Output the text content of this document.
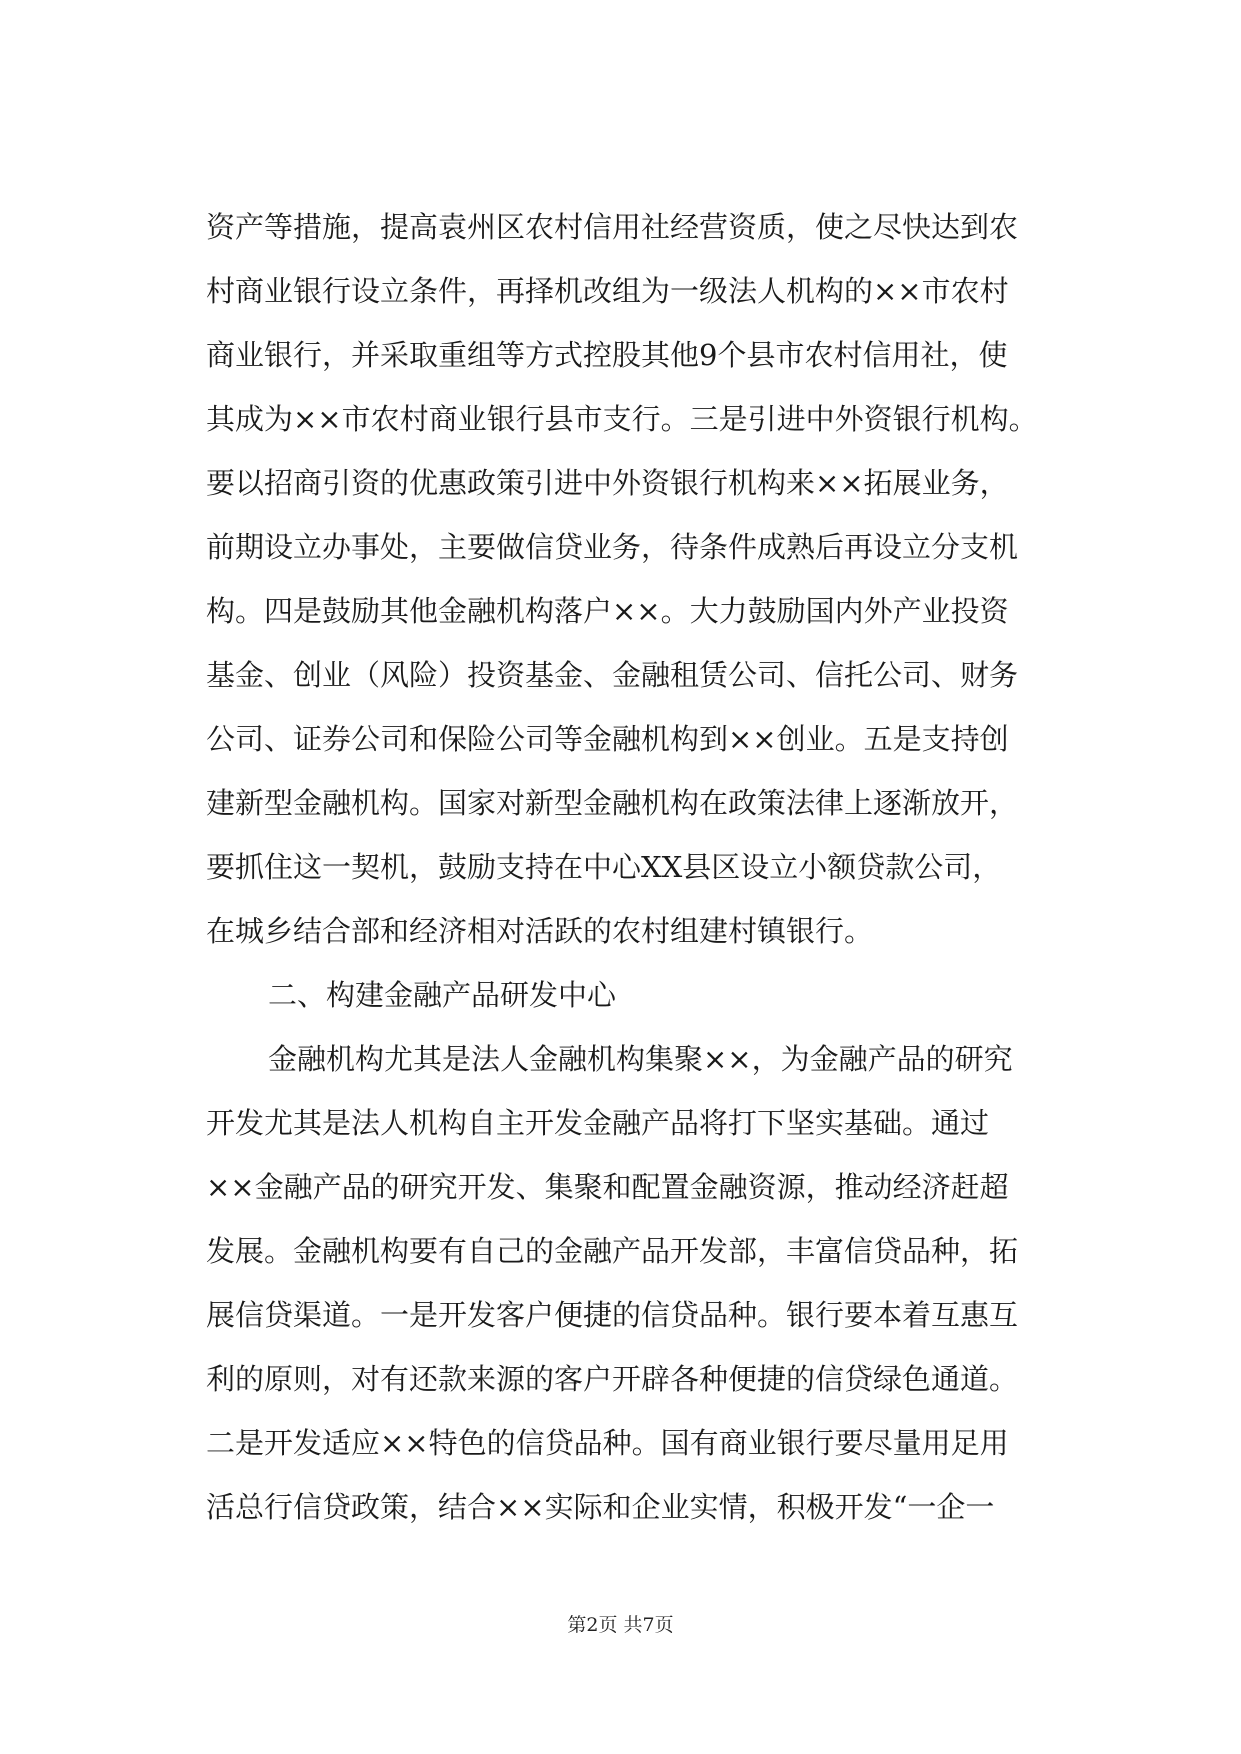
资产等措施，提高袁州区农村信用社经营资质，使之尽快达到农
村商业银行设立条件，再择机改组为一级法人机构的××市农村
商业银行，并采取重组等方式控股其他9个县市农村信用社，使
其成为××市农村商业银行县市支行。三是引进中外资银行机构。
要以招商引资的优惠政策引进中外资银行机构来××拓展业务，
前期设立办事处，主要做信贷业务，待条件成熟后再设立分支机
构。四是鼓励其他金融机构落户××。大力鼓励国内外产业投资
基金、创业（风险）投资基金、金融租赁公司、信托公司、财务
公司、证券公司和保险公司等金融机构到××创业。五是支持创
建新型金融机构。国家对新型金融机构在政策法律上逐渐放开，
要抓住这一契机，鼓励支持在中心XX县区设立小额贷款公司，
在城乡结合部和经济相对活跃的农村组建村镇银行。
二、构建金融产品研发中心
金融机构尤其是法人金融机构集聚××，为金融产品的研究
开发尤其是法人机构自主开发金融产品将打下坚实基础。通过
××金融产品的研究开发、集聚和配置金融资源，推动经济赶超
发展。金融机构要有自己的金融产品开发部，丰富信贷品种，拓
展信贷渠道。一是开发客户便捷的信贷品种。银行要本着互惠互
利的原则，对有还款来源的客户开辟各种便捷的信贷绿色通道。
二是开发适应××特色的信贷品种。国有商业银行要尽量用足用
活总行信贷政策，结合××实际和企业实情，积极开发“一企一
第2页 共7页
